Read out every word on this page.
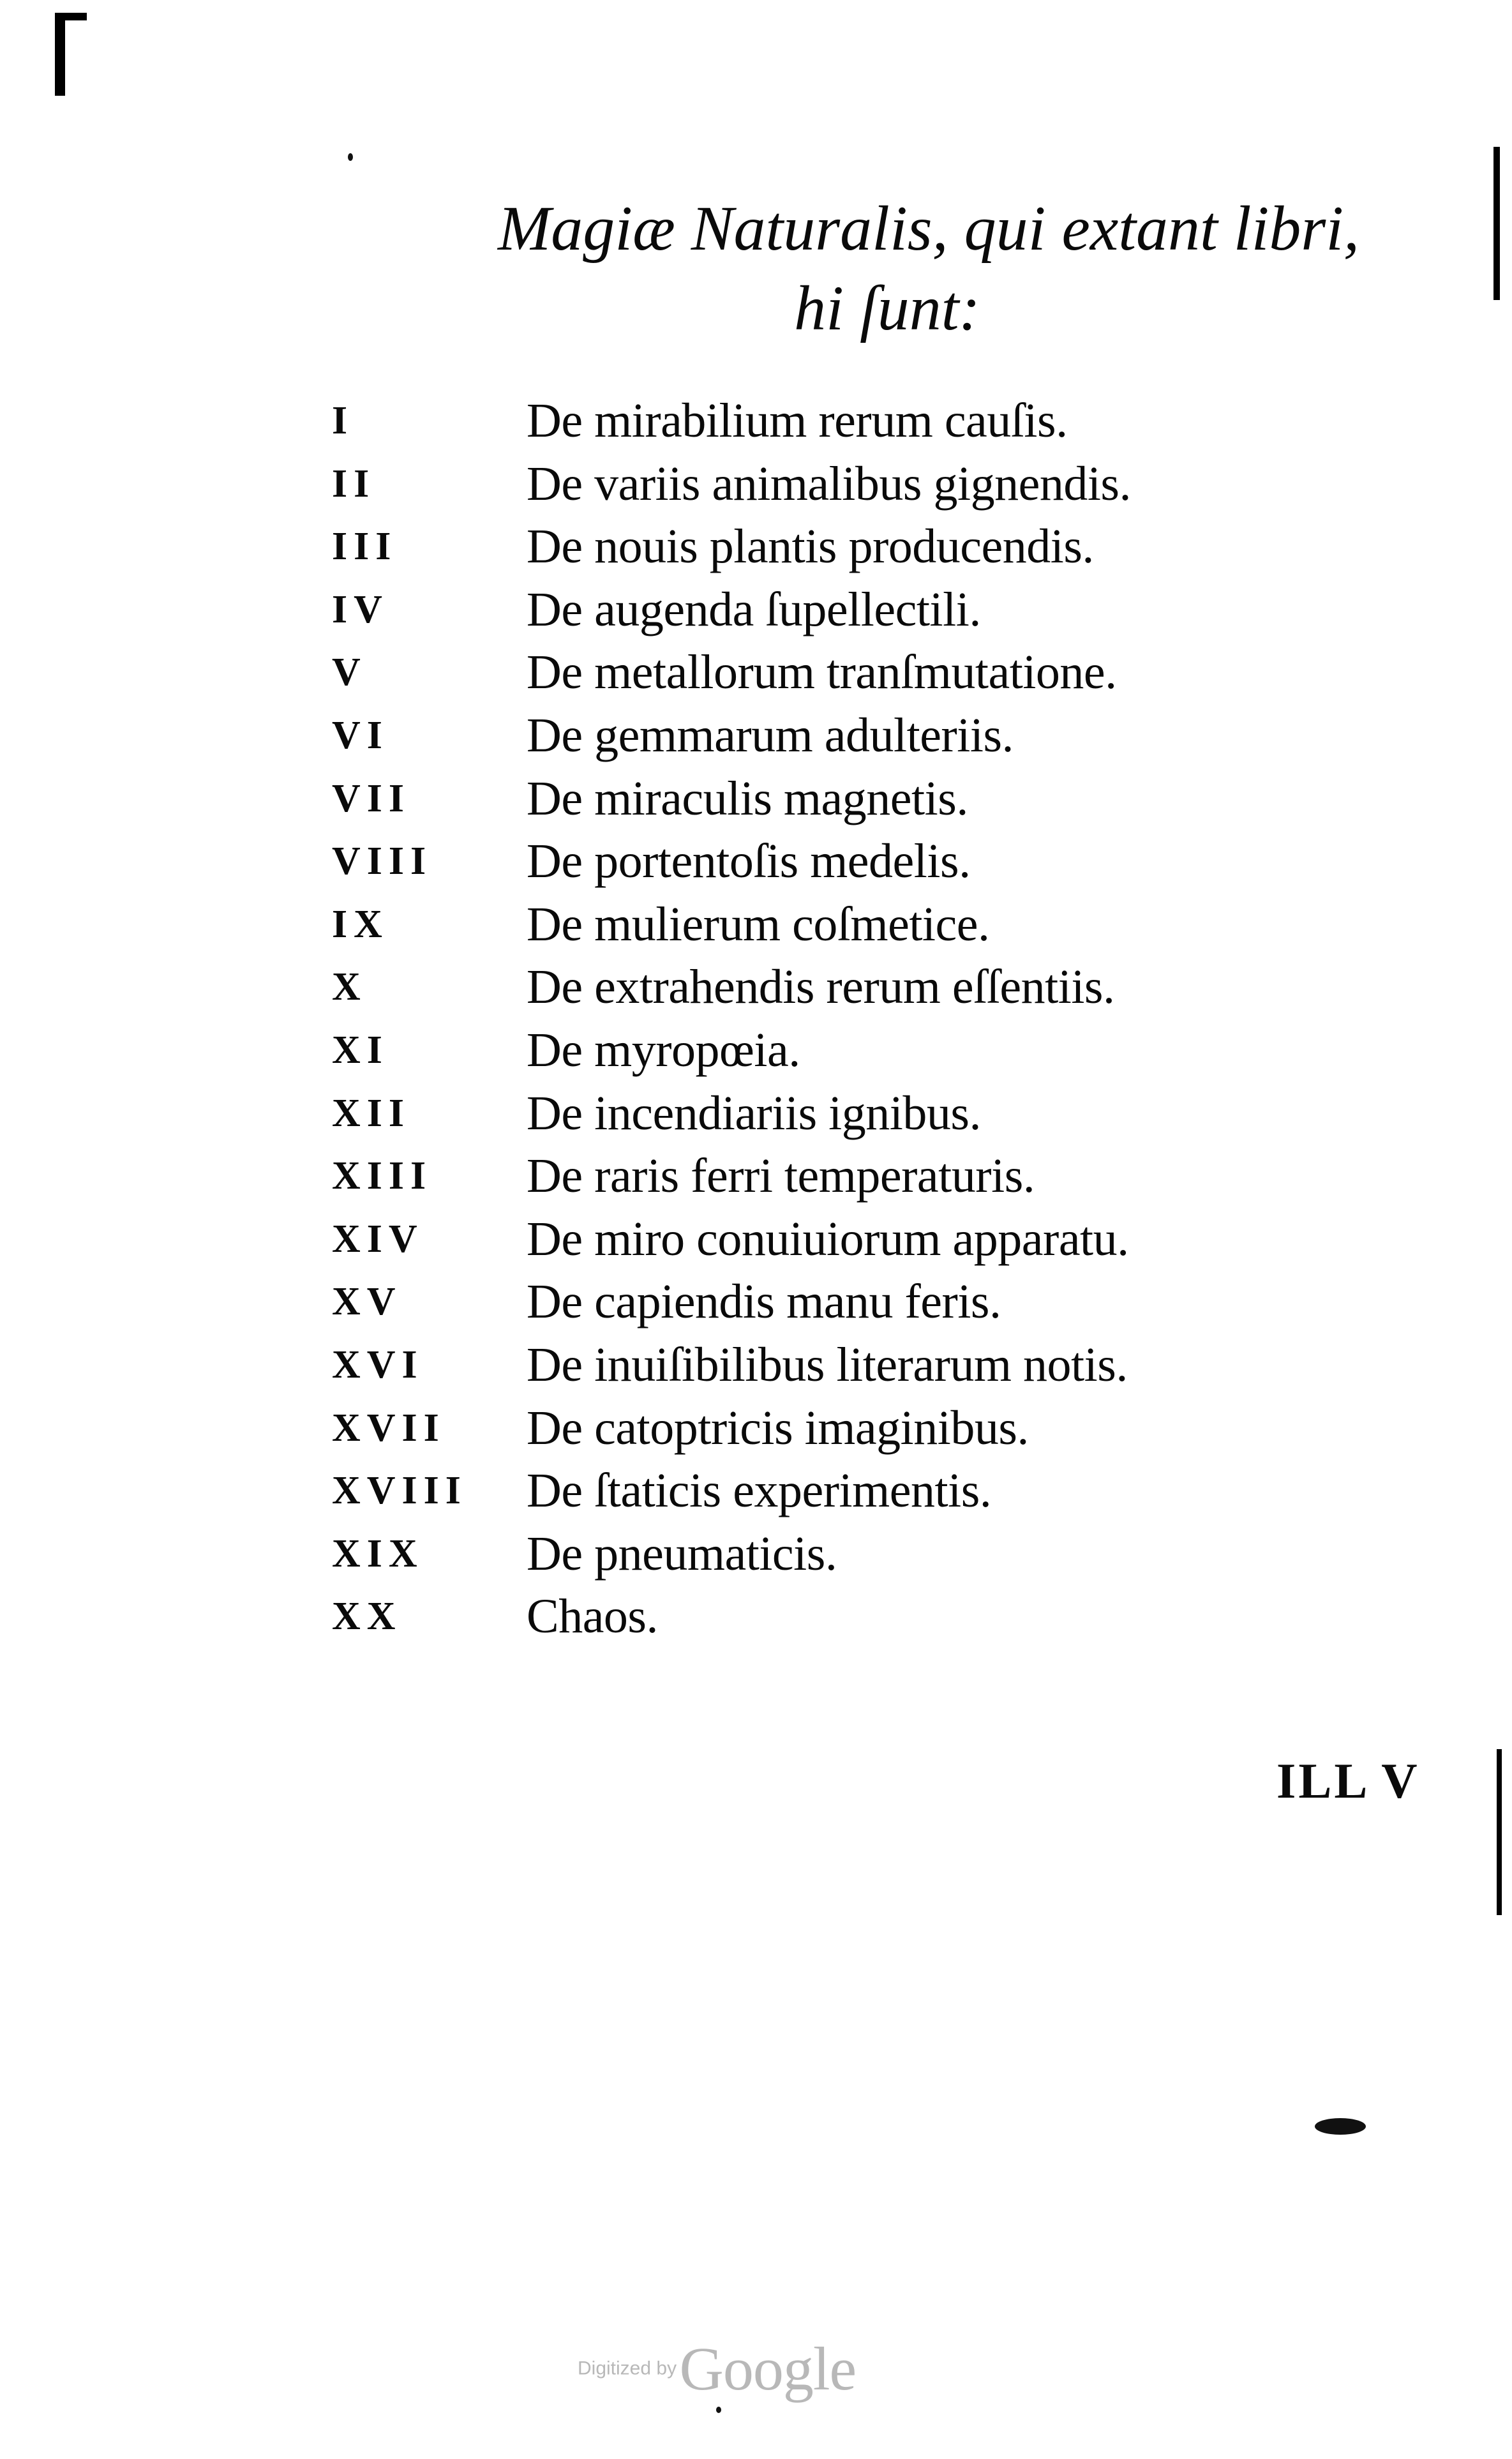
Magiæ Naturalis, qui extant libri,
hi ſunt:
I	De mirabilium rerum cauſis.
II	De variis animalibus gignendis.
III	De nouis plantis producendis.
IV	De augenda ſupellectili.
V	De metallorum tranſmutatione.
VI	De gemmarum adulteriis.
VII	De miraculis magnetis.
VIII	De portentoſis medelis.
IX	De mulierum coſmetice.
X	De extrahendis rerum eſſentiis.
XI	De myropœia.
XII	De incendiariis ignibus.
XIII	De raris ferri temperaturis.
XIV	De miro conuiuiorum apparatu.
XV	De capiendis manu feris.
XVI	De inuiſibilibus literarum notis.
XVII	De catoptricis imaginibus.
XVIII	De ſtaticis experimentis.
XIX	De pneumaticis.
XX	Chaos.
ILL V
Digitized by Google
